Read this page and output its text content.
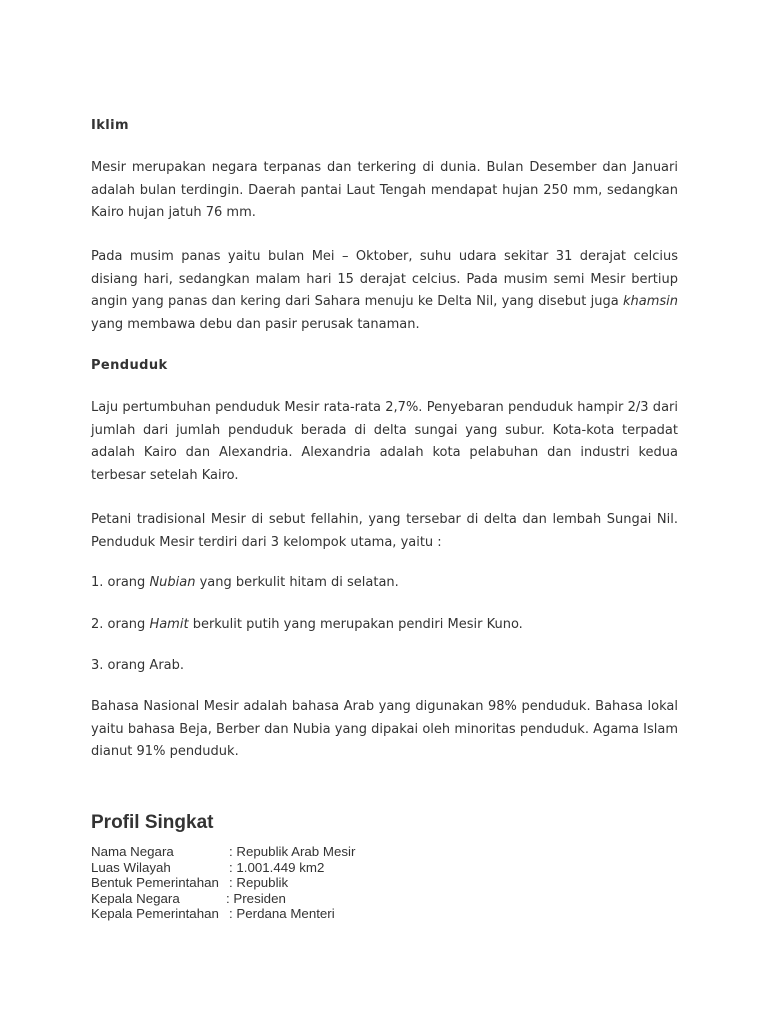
Iklim

Mesir merupakan negara terpanas dan terkering di dunia. Bulan Desember dan Januari adalah bulan terdingin. Daerah pantai Laut Tengah mendapat hujan 250 mm, sedangkan Kairo hujan jatuh 76 mm.

Pada musim panas yaitu bulan Mei – Oktober, suhu udara sekitar 31 derajat celcius disiang hari, sedangkan malam hari 15 derajat celcius. Pada musim semi Mesir bertiup angin yang panas dan kering dari Sahara menuju ke Delta Nil, yang disebut juga khamsin yang membawa debu dan pasir perusak tanaman.

Penduduk

Laju pertumbuhan penduduk Mesir rata-rata 2,7%. Penyebaran penduduk hampir 2/3 dari jumlah dari jumlah penduduk berada di delta sungai yang subur. Kota-kota terpadat adalah Kairo dan Alexandria. Alexandria adalah kota pelabuhan dan industri kedua terbesar setelah Kairo.

Petani tradisional Mesir di sebut fellahin, yang tersebar di delta dan lembah Sungai Nil. Penduduk Mesir terdiri dari 3 kelompok utama, yaitu :

1. orang Nubian yang berkulit hitam di selatan.

2. orang Hamit berkulit putih yang merupakan pendiri Mesir Kuno.

3. orang Arab.

Bahasa Nasional Mesir adalah bahasa Arab yang digunakan 98% penduduk. Bahasa lokal yaitu bahasa Beja, Berber dan Nubia yang dipakai oleh minoritas penduduk. Agama Islam dianut 91% penduduk.

Profil Singkat
Nama Negara	: Republik Arab Mesir
Luas Wilayah	: 1.001.449 km2
Bentuk Pemerintahan : Republik
Kepala Negara	: Presiden
Kepala Pemerintahan : Perdana Menteri
